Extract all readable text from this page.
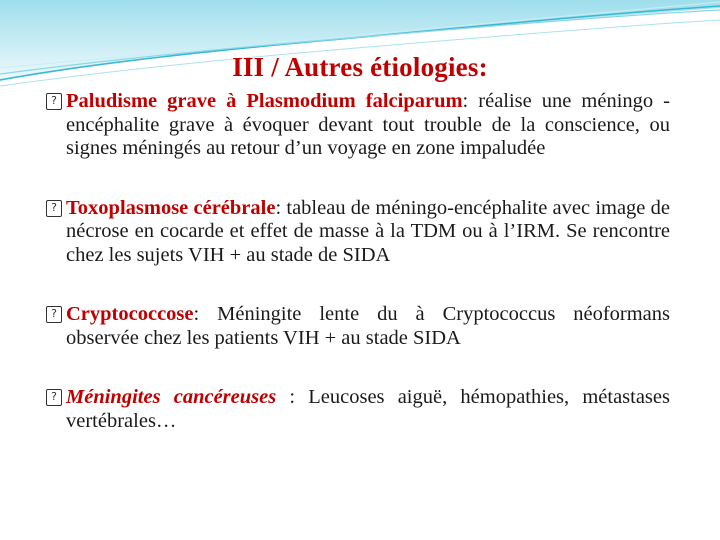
III / Autres étiologies:
? Paludisme grave à Plasmodium falciparum: réalise une méningo - encéphalite grave à évoquer devant tout trouble de la conscience, ou signes méningés au retour d’un voyage en zone impaludée
? Toxoplasmose cérébrale: tableau de méningo-encéphalite avec image de nécrose en cocarde et effet de masse à la TDM ou à l’IRM. Se rencontre chez les sujets VIH + au stade de SIDA
? Cryptococcose: Méningite lente du à Cryptococcus néoformans observée chez les patients VIH + au stade SIDA
? Méningites cancéreuses : Leucoses aiguë, hémopathies, métastases vertébrales…
